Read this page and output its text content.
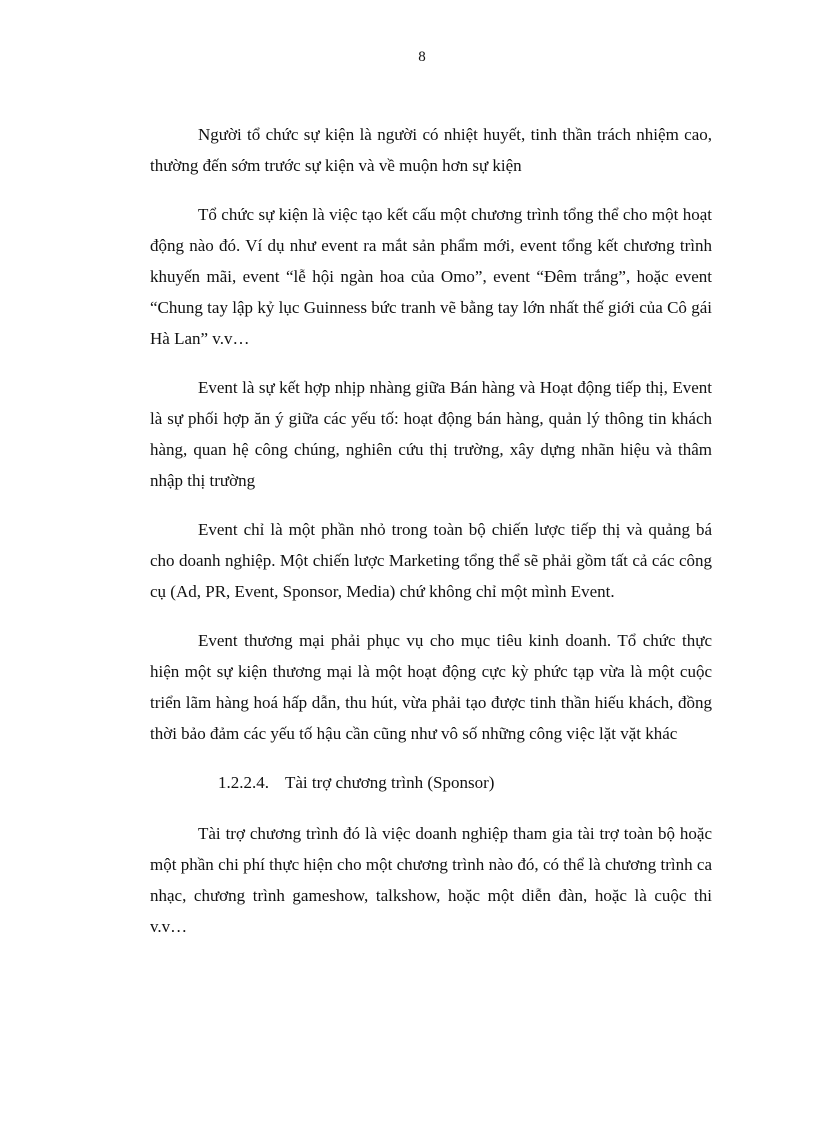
8

Người tổ chức sự kiện là người có nhiệt huyết, tinh thần trách nhiệm cao, thường đến sớm trước sự kiện và về muộn hơn sự kiện

Tổ chức sự kiện là việc tạo kết cấu một chương trình tổng thể cho một hoạt động nào đó. Ví dụ như event ra mắt sản phẩm mới, event tổng kết chương trình khuyến mãi, event “lễ hội ngàn hoa của Omo”, event “Đêm trắng”, hoặc event “Chung tay lập kỷ lục Guinness bức tranh vẽ bằng tay lớn nhất thế giới của Cô gái Hà Lan” v.v…

Event là sự kết hợp nhịp nhàng giữa Bán hàng và Hoạt động tiếp thị, Event là sự phối hợp ăn ý giữa các yếu tố: hoạt động bán hàng, quản lý thông tin khách hàng, quan hệ công chúng, nghiên cứu thị trường, xây dựng nhãn hiệu và thâm nhập thị trường

Event chỉ là một phần nhỏ trong toàn bộ chiến lược tiếp thị và quảng bá cho doanh nghiệp. Một chiến lược Marketing tổng thể sẽ phải gồm tất cả các công cụ (Ad, PR, Event, Sponsor, Media) chứ không chỉ một mình Event.

Event thương mại phải phục vụ cho mục tiêu kinh doanh. Tổ chức thực hiện một sự kiện thương mại là một hoạt động cực kỳ phức tạp vừa là một cuộc triển lãm hàng hoá hấp dẫn, thu hút, vừa phải tạo được tinh thần hiếu khách, đồng thời bảo đảm các yếu tố hậu cần cũng như vô số những công việc lặt vặt khác

1.2.2.4. Tài trợ chương trình (Sponsor)

Tài trợ chương trình đó là việc doanh nghiệp tham gia tài trợ toàn bộ hoặc một phần chi phí thực hiện cho một chương trình nào đó, có thể là chương trình ca nhạc, chương trình gameshow, talkshow, hoặc một diễn đàn, hoặc là cuộc thi v.v…
